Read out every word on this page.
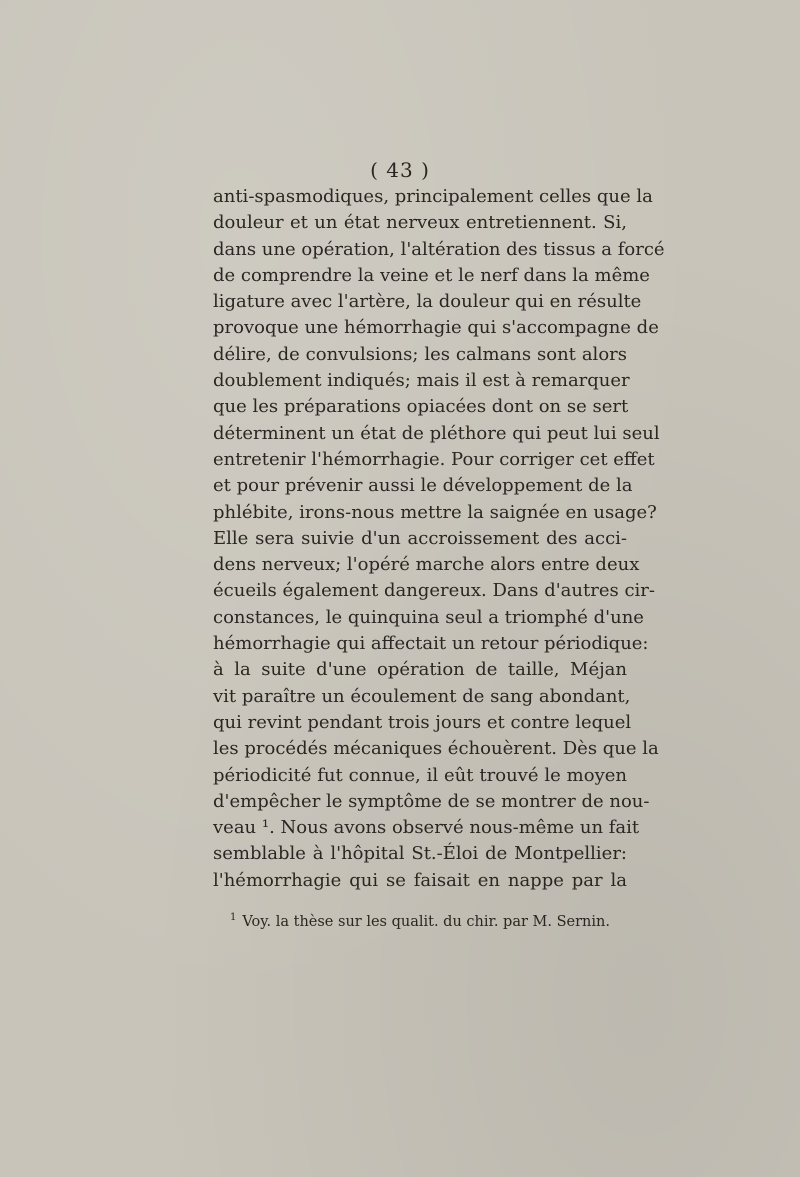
( 43 )
anti-spasmodiques, principalement celles que la
douleur et un état nerveux entretiennent. Si,
dans une opération, l'altération des tissus a forcé
de comprendre la veine et le nerf dans la même
ligature avec l'artère, la douleur qui en résulte
provoque une hémorrhagie qui s'accompagne de
délire, de convulsions; les calmans sont alors
doublement indiqués; mais il est à remarquer
que les préparations opiacées dont on se sert
déterminent un état de pléthore qui peut lui seul
entretenir l'hémorrhagie. Pour corriger cet effet
et pour prévenir aussi le développement de la
phlébite, irons-nous mettre la saignée en usage?
Elle sera suivie d'un accroissement des acci-
dens nerveux; l'opéré marche alors entre deux
écueils également dangereux. Dans d'autres cir-
constances, le quinquina seul a triomphé d'une
hémorrhagie qui affectait un retour périodique:
à la suite d'une opération de taille, Méjan
vit paraître un écoulement de sang abondant,
qui revint pendant trois jours et contre lequel
les procédés mécaniques échouèrent. Dès que la
périodicité fut connue, il eût trouvé le moyen
d'empêcher le symptôme de se montrer de nou-
veau ¹. Nous avons observé nous-même un fait
semblable à l'hôpital St.-Éloi de Montpellier:
l'hémorrhagie qui se faisait en nappe par la
$^1$ Voy. la thèse sur les qualit. du chir. par M. Sernin.
